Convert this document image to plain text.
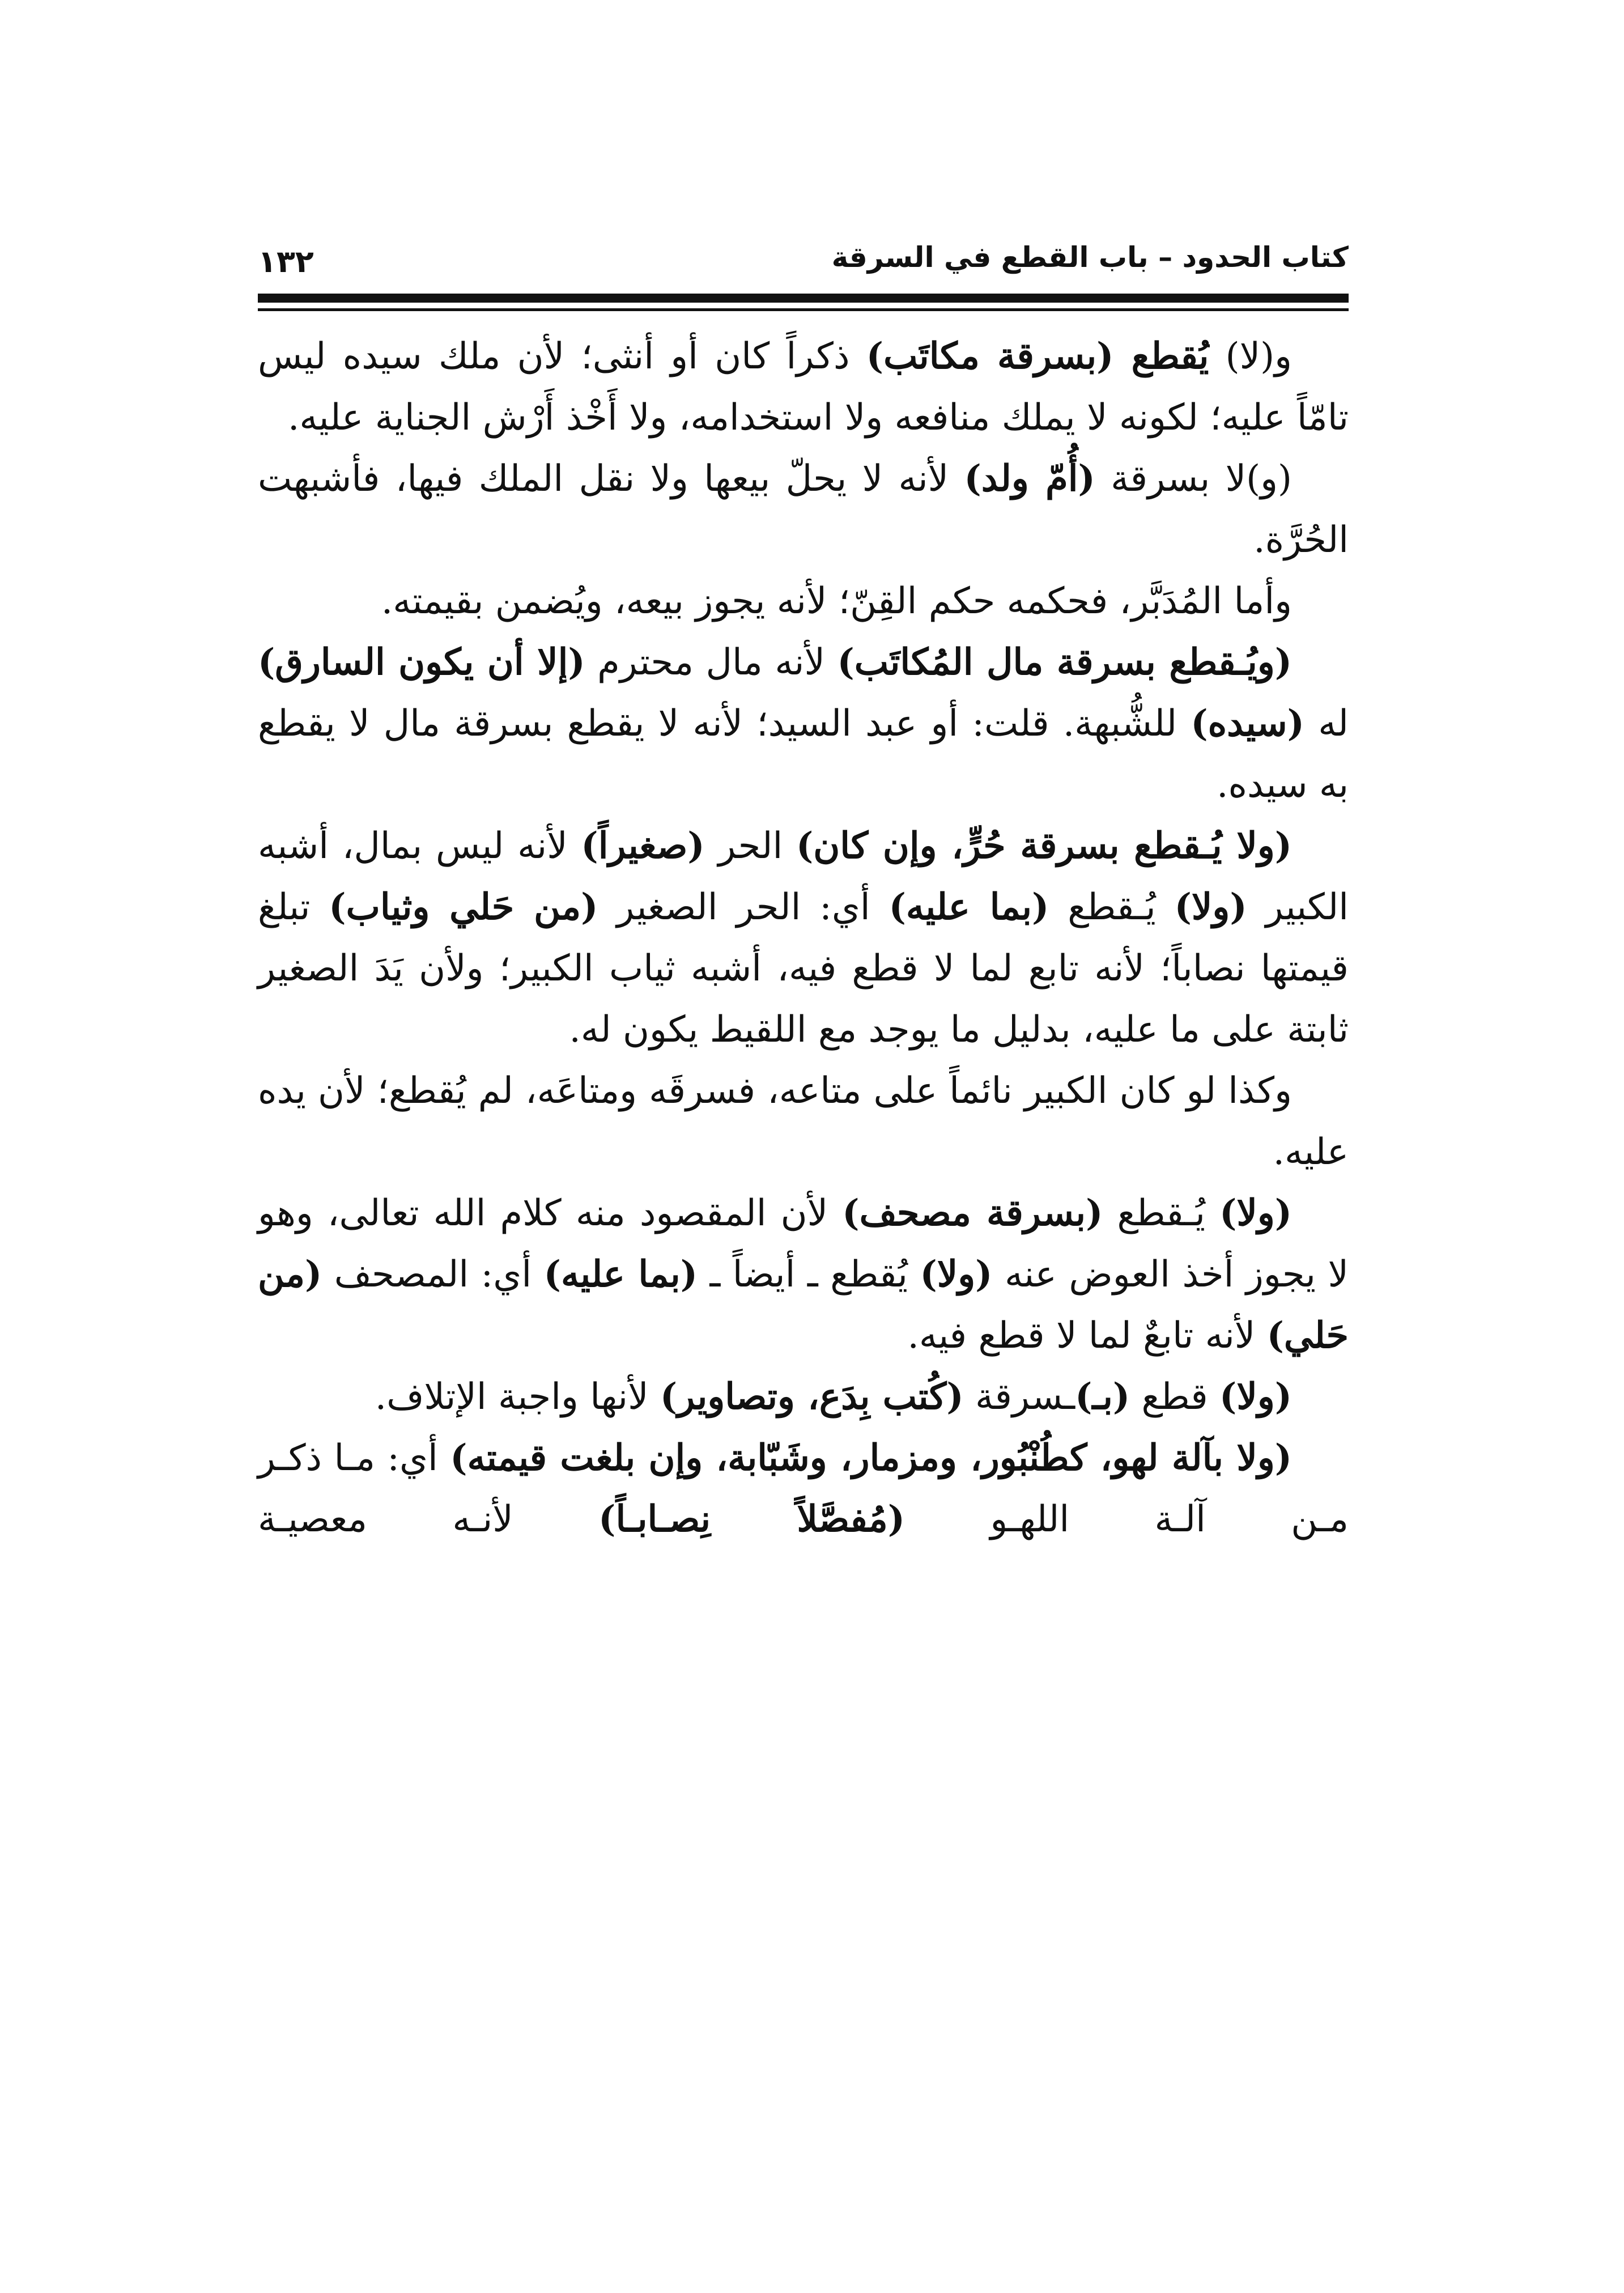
كتاب الحدود – باب القطع في السرقة
١٣٢

و(لا) يُقطع (بسرقة مكاتَب) ذكراً كان أو أنثى؛ لأن ملك سيده ليس تامّاً عليه؛ لكونه لا يملك منافعه ولا استخدامه، ولا أَخْذ أَرْش الجناية عليه.

(و)لا بسرقة (أُمّ ولد) لأنه لا يحلّ بيعها ولا نقل الملك فيها، فأشبهت الحُرَّة.

وأما المُدَبَّر، فحكمه حكم القِنّ؛ لأنه يجوز بيعه، ويُضمن بقيمته.

(ويُـقطع بسرقة مال المُكاتَب) لأنه مال محترم (إلا أن يكون السارق) له (سيده) للشُّبهة. قلت: أو عبد السيد؛ لأنه لا يقطع بسرقة مال لا يقطع به سيده.

(ولا يُـقطع بسرقة حُرٍّ، وإن كان) الحر (صغيراً) لأنه ليس بمال، أشبه الكبير (ولا) يُـقطع (بما عليه) أي: الحر الصغير (من حَلي وثياب) تبلغ قيمتها نصاباً؛ لأنه تابع لما لا قطع فيه، أشبه ثياب الكبير؛ ولأن يَدَ الصغير ثابتة على ما عليه، بدليل ما يوجد مع اللقيط يكون له.

وكذا لو كان الكبير نائماً على متاعه، فسرقَه ومتاعَه، لم يُقطع؛ لأن يده عليه.

(ولا) يُـقطع (بسرقة مصحف) لأن المقصود منه كلام الله تعالى، وهو لا يجوز أخذ العوض عنه (ولا) يُقطع ـ أيضاً ـ (بما عليه) أي: المصحف (من حَلي) لأنه تابعٌ لما لا قطع فيه.

(ولا) قطع (بـ)ـسرقة (كُتب بِدَع، وتصاوير) لأنها واجبة الإتلاف.

(ولا بآلة لهو، كطُنْبُور، ومزمار، وشَبّابة، وإن بلغت قيمته) أي: مـا ذكـر مـن آلـة اللهـو (مُفصَّلاً نِصـابـاً) لأنـه معصيـة
